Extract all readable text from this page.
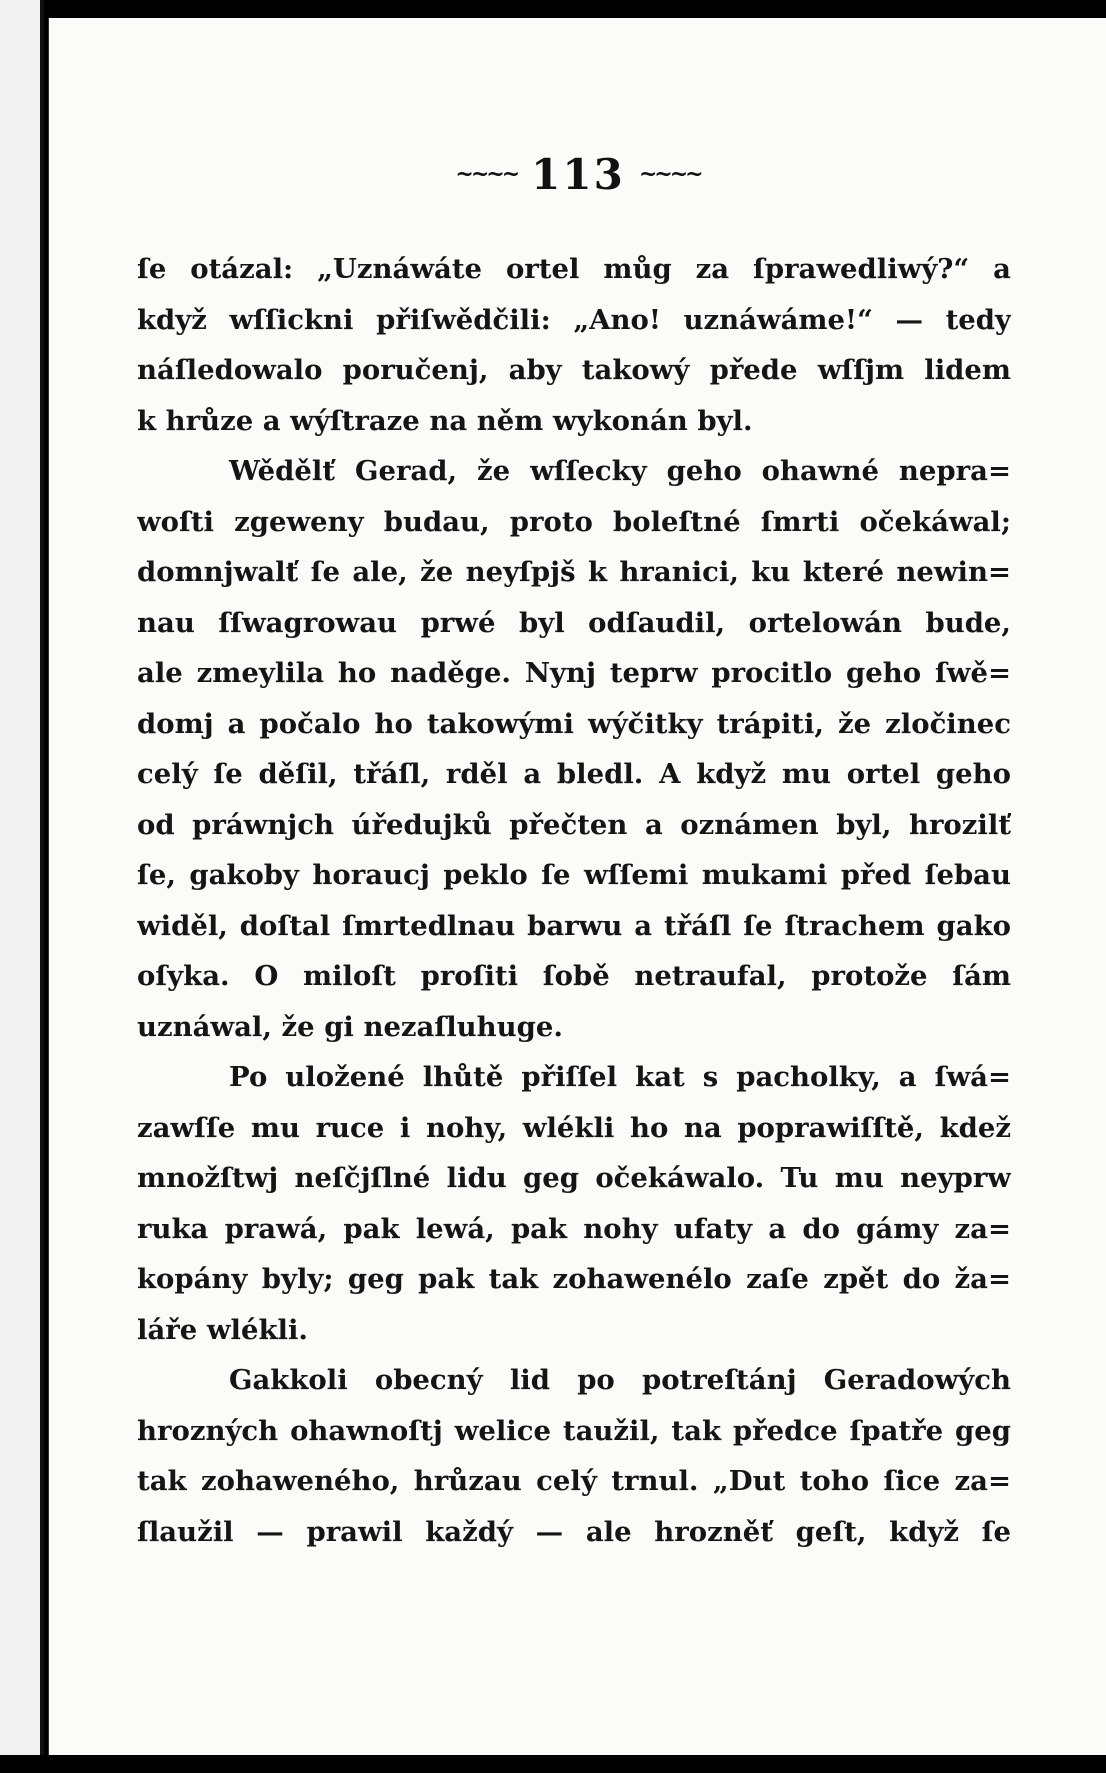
~~~~ 113 ~~~~
ſe otázal: „Uznáwáte ortel můg za ſprawedliwý?“ a
když wſſickni přiſwědčili: „Ano! uznáwáme!“ — tedy
náſledowalo poručenj, aby takowý přede wſſjm lidem
k hrůze a wýſtraze na něm wykonán byl.
Wědělť Gerad, že wſſecky geho ohawné nepra=
woſti zgeweny budau, proto boleſtné ſmrti očekáwal;
domnjwalť ſe ale, že neyſpjš k hranici, ku které newin=
nau ſſwagrowau prwé byl odſaudil, ortelowán bude,
ale zmeylila ho naděge. Nynj teprw procitlo geho ſwě=
domj a počalo ho takowými wýčitky trápiti, že zločinec
celý ſe děſil, třáſl, rděl a bledl. A když mu ortel geho
od práwnjch úředujků přečten a oznámen byl, hrozilť
ſe, gakoby horaucj peklo ſe wſſemi mukami před ſebau
widěl, doſtal ſmrtedlnau barwu a třáſl ſe ſtrachem gako
oſyka. O miloſt proſiti ſobě netraufal, protože ſám
uznáwal, že gi nezaſluhuge.
Po uložené lhůtě přiſſel kat s pacholky, a ſwá=
zawſſe mu ruce i nohy, wlékli ho na poprawiſſtě, kdež
množſtwj neſčjſlné lidu geg očekáwalo. Tu mu neyprw
ruka prawá, pak lewá, pak nohy ufaty a do gámy za=
kopány byly; geg pak tak zohawenélo zaſe zpět do ža=
láře wlékli.
Gakkoli obecný lid po potreſtánj Geradowých
hrozných ohawnoſtj welice taužil, tak předce ſpatře geg
tak zohaweného, hrůzau celý trnul. „Dut toho ſice za=
ſlaužil — prawil každý — ale hrozněť geſt, když ſe
